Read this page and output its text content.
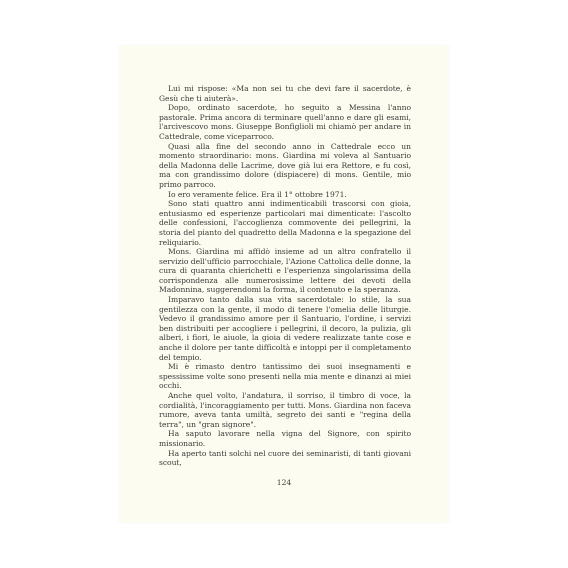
Lui mi rispose: «Ma non sei tu che devi fare il sacerdote, è Gesù che ti aiuterà».

Dopo, ordinato sacerdote, ho seguito a Messina l'anno pastorale. Prima ancora di terminare quell'anno e dare gli esami, l'arcivescovo mons. Giuseppe Bonfiglioli mi chiamò per andare in Cattedrale, come viceparroco.

Quasi alla fine del secondo anno in Cattedrale ecco un momento straordinario: mons. Giardina mi voleva al Santuario della Madonna delle Lacrime, dove già lui era Rettore, e fu così, ma con grandissimo dolore (dispiacere) di mons. Gentile, mio primo parroco.

Io ero veramente felice. Era il 1° ottobre 1971.

Sono stati quattro anni indimenticabili trascorsi con gioia, entusiasmo ed esperienze particolari mai dimenticate: l'ascolto delle confessioni, l'accoglienza commovente dei pellegrini, la storia del pianto del quadretto della Madonna e la spegazione del reliquiario.

Mons. Giardina mi affidò insieme ad un altro confratello il servizio dell'ufficio parrocchiale, l'Azione Cattolica delle donne, la cura di quaranta chierichetti e l'esperienza singolarissima della corrispondenza alle numerosissime lettere dei devoti della Madonnina, suggerendomi la forma, il contenuto e la speranza.

Imparavo tanto dalla sua vita sacerdotale: lo stile, la sua gentilezza con la gente, il modo di tenere l'omelia delle liturgie. Vedevo il grandissimo amore per il Santuario, l'ordine, i servizi ben distribuiti per accogliere i pellegrini, il decoro, la pulizia, gli alberi, i fiori, le aiuole, la gioia di vedere realizzate tante cose e anche il dolore per tante difficoltà e intoppi per il completamento del tempio.

Mi è rimasto dentro tantissimo dei suoi insegnamenti e spessissime volte sono presenti nella mia mente e dinanzi ai miei occhi.

Anche quel volto, l'andatura, il sorriso, il timbro di voce, la cordialità, l'incoraggiamento per tutti. Mons. Giardina non faceva rumore, aveva tanta umiltà, segreto dei santi e "regina della terra", un "gran signore".

Ha saputo lavorare nella vigna del Signore, con spirito missionario.

Ha aperto tanti solchi nel cuore dei seminaristi, di tanti giovani scout,

124
